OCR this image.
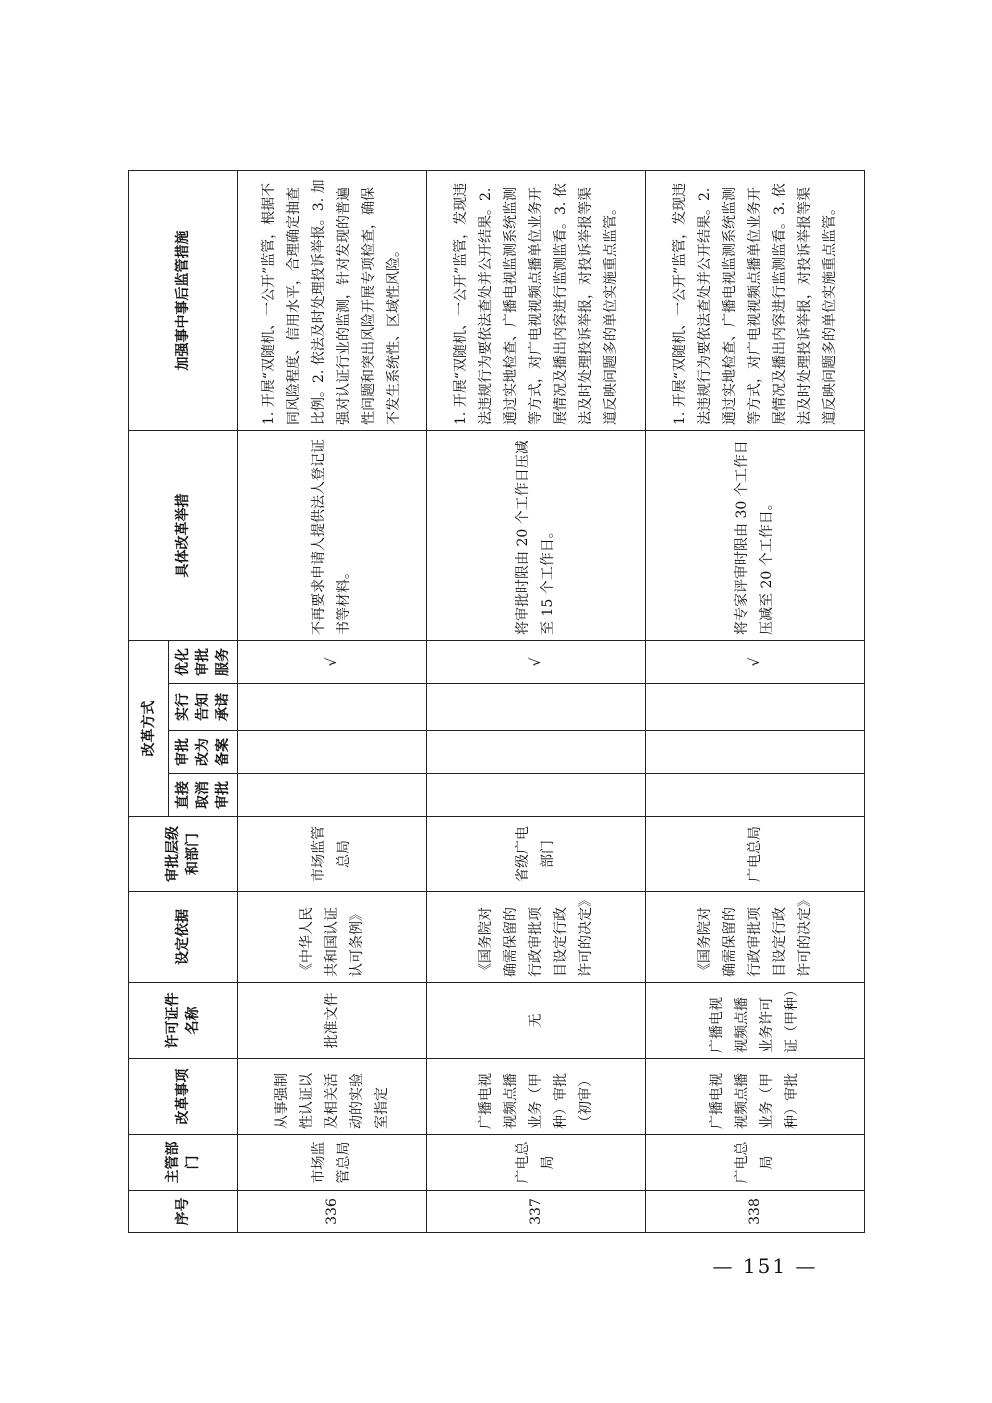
序号	主管部门	改革事项	许可证件名称	设定依据	审批层级和部门	改革方式				具体改革举措	加强事中事后监管措施
						直接取消审批	审批改为备案	实行告知承诺	优化审批服务		
336	市场监管总局	从事强制性认证以及相关活动的实验室指定	批准文件	《中华人民共和国认证认可条例》	市场监管总局				√	不再要求申请人提供法人登记证书等材料。	1. 开展“双随机、一公开”监管，根据不同风险程度、信用水平，合理确定抽查比例。2. 依法及时处理投诉举报。3. 加强对认证行业的监测，针对发现的普遍性问题和突出风险开展专项检查，确保不发生系统性、区域性风险。
337	广电总局	广播电视视频点播业务（甲种）审批（初审）	无	《国务院对确需保留的行政审批项目设定行政许可的决定》	省级广电部门				√	将审批时限由 20 个工作日压减至 15 个工作日。	1. 开展“双随机、一公开”监管，发现违法违规行为要依法查处并公开结果。2. 通过实地检查、广播电视监测系统监测等方式，对广电视视频点播单位业务开展情况及播出内容进行监测监看。3. 依法及时处理投诉举报，对投诉举报等渠道反映问题多的单位实施重点监管。
338	广电总局	广播电视视频点播业务（甲种）审批	广播电视视频点播业务许可证（甲种）	《国务院对确需保留的行政审批项目设定行政许可的决定》	广电总局				√	将专家评审时限由 30 个工作日压减至 20 个工作日。	1. 开展“双随机、一公开”监管，发现违法违规行为要依法查处并公开结果。2. 通过实地检查、广播电视监测系统监测等方式，对广电视视频点播单位业务开展情况及播出内容进行监测监看。3. 依法及时处理投诉举报，对投诉举报等渠道反映问题多的单位实施重点监管。
— 151 —
